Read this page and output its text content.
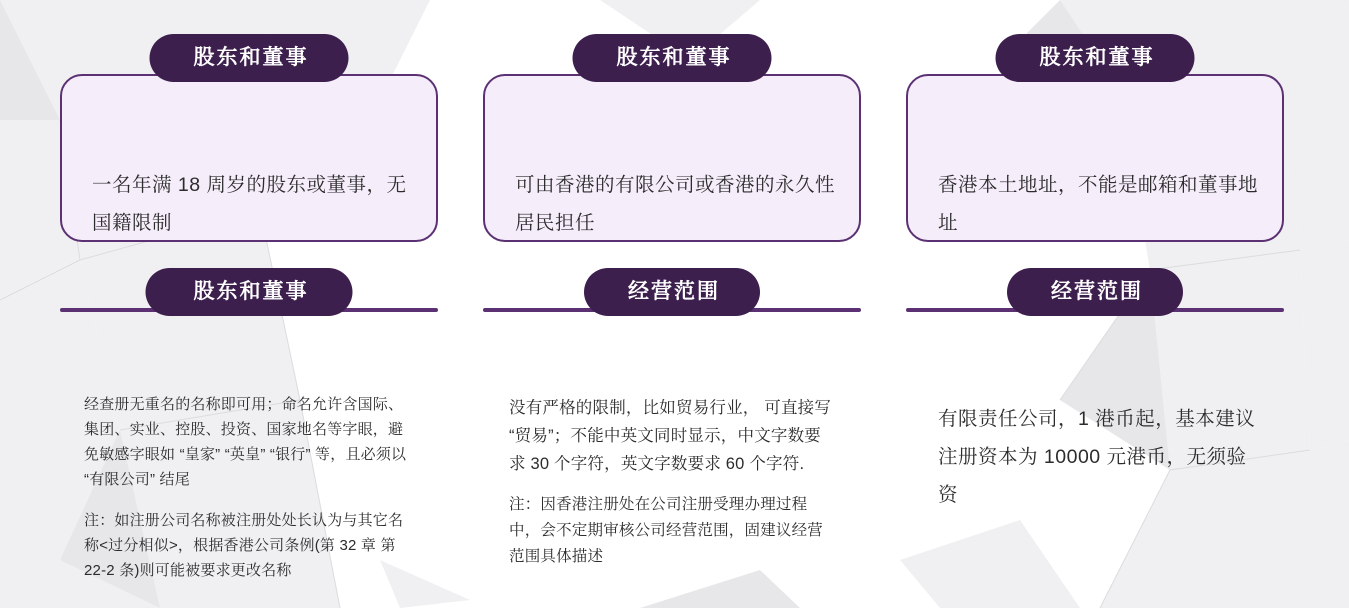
一名年满 18 周岁的股东或董事，无国籍限制

股东和董事

可由香港的有限公司或香港的永久性居民担任

股东和董事

香港本土地址，不能是邮箱和董事地址

股东和董事

经查册无重名的名称即可用；命名允许含国际、集团、实业、控股、投资、国家地名等字眼，避免敏感字眼如 “皇家” “英皇” “银行” 等，且必须以 “有限公司” 结尾

注：如注册公司名称被注册处处长认为与其它名称<过分相似>，根据香港公司条例(第 32 章 第 22-2 条)则可能被要求更改名称

股东和董事

没有严格的限制，比如贸易行业， 可直接写 “贸易”；不能中英文同时显示，中文字数要求 30 个字符，英文字数要求 60 个字符.

注：因香港注册处在公司注册受理办理过程 中，会不定期审核公司经营范围，固建议经营范围具体描述

经营范围

有限责任公司，1 港币起，基本建议注册资本为 10000 元港币，无须验资

经营范围
